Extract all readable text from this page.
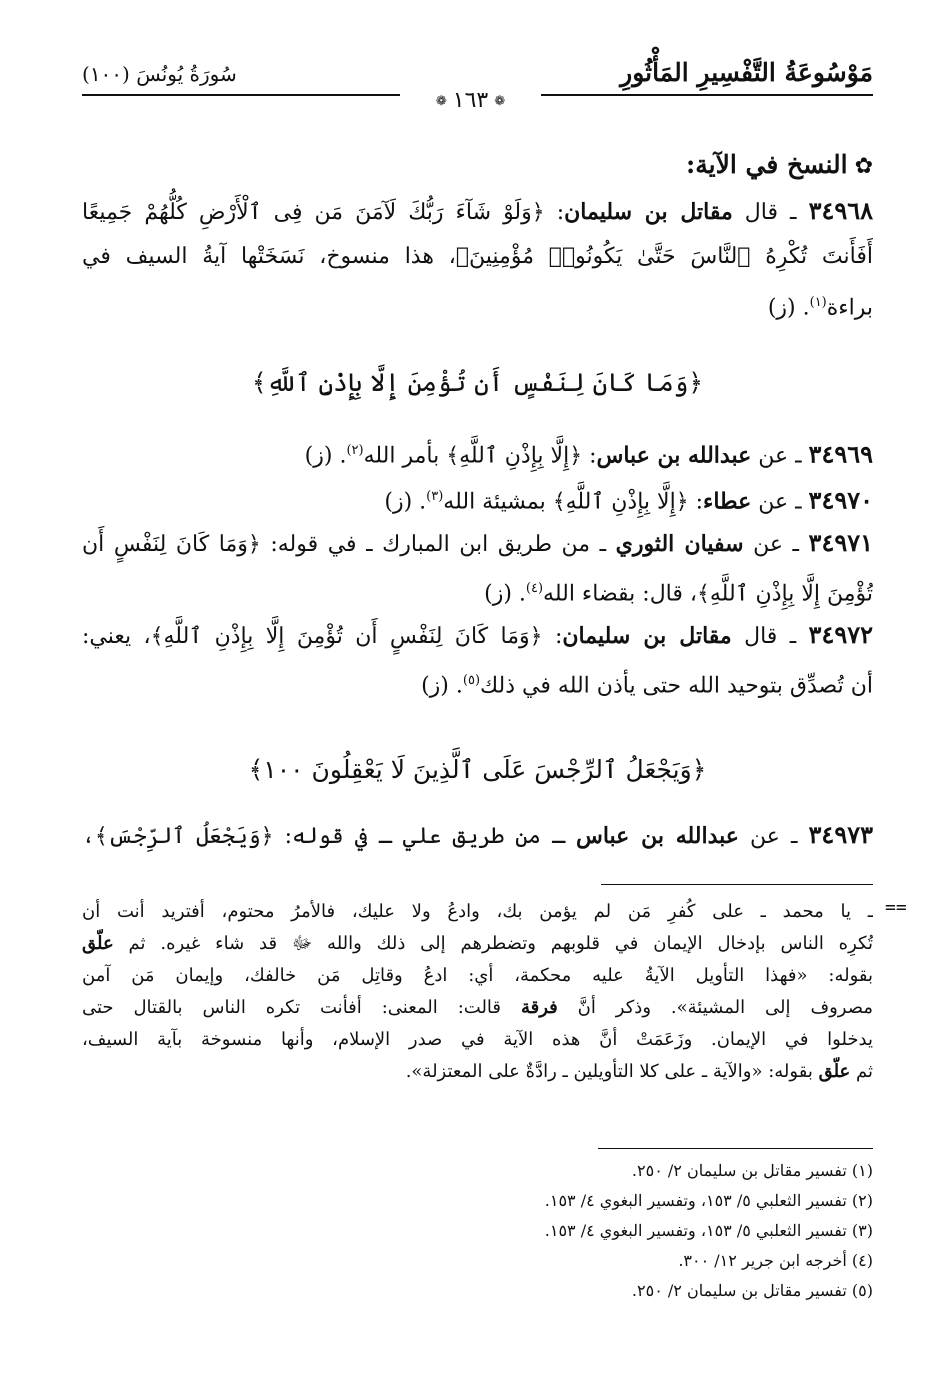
مَوْسُوعَةُ التَّفْسِيرِ المَأْثُورِ
سُورَةُ يُونُسَ (١٠٠)
❁ ١٦٣ ❁
✿ النسخ في الآية:
٣٤٩٦٨ ـ قال مقاتل بن سليمان: ﴿وَلَوْ شَآءَ رَبُّكَ لَآمَنَ مَن فِى ٱلْأَرْضِ كُلُّهُمْ جَمِيعًا
أَفَأَنتَ تُكْرِهُ ٱلنَّاسَ حَتَّىٰ يَكُونُوا۟ مُؤْمِنِينَ﴾، هذا منسوخ، نَسَخَتْها آيةُ السيف في
براءة$^{(١)}$. (ز)
﴿وَمَا كَانَ لِنَفْسٍ أَن تُؤْمِنَ إِلَّا بِإِذْنِ ٱللَّهِ﴾
٣٤٩٦٩ ـ عن عبدالله بن عباس: ﴿إِلَّا بِإِذْنِ ٱللَّهِ﴾ بأمر الله$^{(٢)}$. (ز)
٣٤٩٧٠ ـ عن عطاء: ﴿إِلَّا بِإِذْنِ ٱللَّهِ﴾ بمشيئة الله$^{(٣)}$. (ز)
٣٤٩٧١ ـ عن سفيان الثوري ـ من طريق ابن المبارك ـ في قوله: ﴿وَمَا كَانَ لِنَفْسٍ أَن
تُؤْمِنَ إِلَّا بِإِذْنِ ٱللَّهِ﴾، قال: بقضاء الله$^{(٤)}$. (ز)
٣٤٩٧٢ ـ قال مقاتل بن سليمان: ﴿وَمَا كَانَ لِنَفْسٍ أَن تُؤْمِنَ إِلَّا بِإِذْنِ ٱللَّهِ﴾، يعني:
أن تُصدِّق بتوحيد الله حتى يأذن الله في ذلك$^{(٥)}$. (ز)
﴿وَيَجْعَلُ ٱلرِّجْسَ عَلَى ٱلَّذِينَ لَا يَعْقِلُونَ ١٠٠﴾
٣٤٩٧٣ ـ عن عبدالله بن عباس ـ من طريق علي ـ في قوله: ﴿وَيَجْعَلُ ٱلرِّجْسَ﴾،
==
ـ يا محمد ـ على كُفرِ مَن لم يؤمن بك، وادعُ ولا عليك، فالأمرُ محتوم، أفتريد أنت أن
تُكرِه الناس بإدخال الإيمان في قلوبهم وتضطرهم إلى ذلك والله ﷻ قد شاء غيره. ثم علّق
بقوله: «فهذا التأويل الآيةُ عليه محكمة، أي: ادعُ وقاتِل مَن خالفك، وإيمان مَن آمن
مصروف إلى المشيئة». وذكر أنَّ فرقة قالت: المعنى: أفأنت تكره الناس بالقتال حتى
يدخلوا في الإيمان. وزَعَمَتْ أنَّ هذه الآية في صدر الإسلام، وأنها منسوخة بآية السيف،
ثم علّق بقوله: «والآية ـ على كلا التأويلين ـ رادَّةٌ على المعتزلة».
(١) تفسير مقاتل بن سليمان ٢/ ٢٥٠.
(٢) تفسير الثعلبي ٥/ ١٥٣، وتفسير البغوي ٤/ ١٥٣.
(٣) تفسير الثعلبي ٥/ ١٥٣، وتفسير البغوي ٤/ ١٥٣.
(٤) أخرجه ابن جرير ١٢/ ٣٠٠.
(٥) تفسير مقاتل بن سليمان ٢/ ٢٥٠.
